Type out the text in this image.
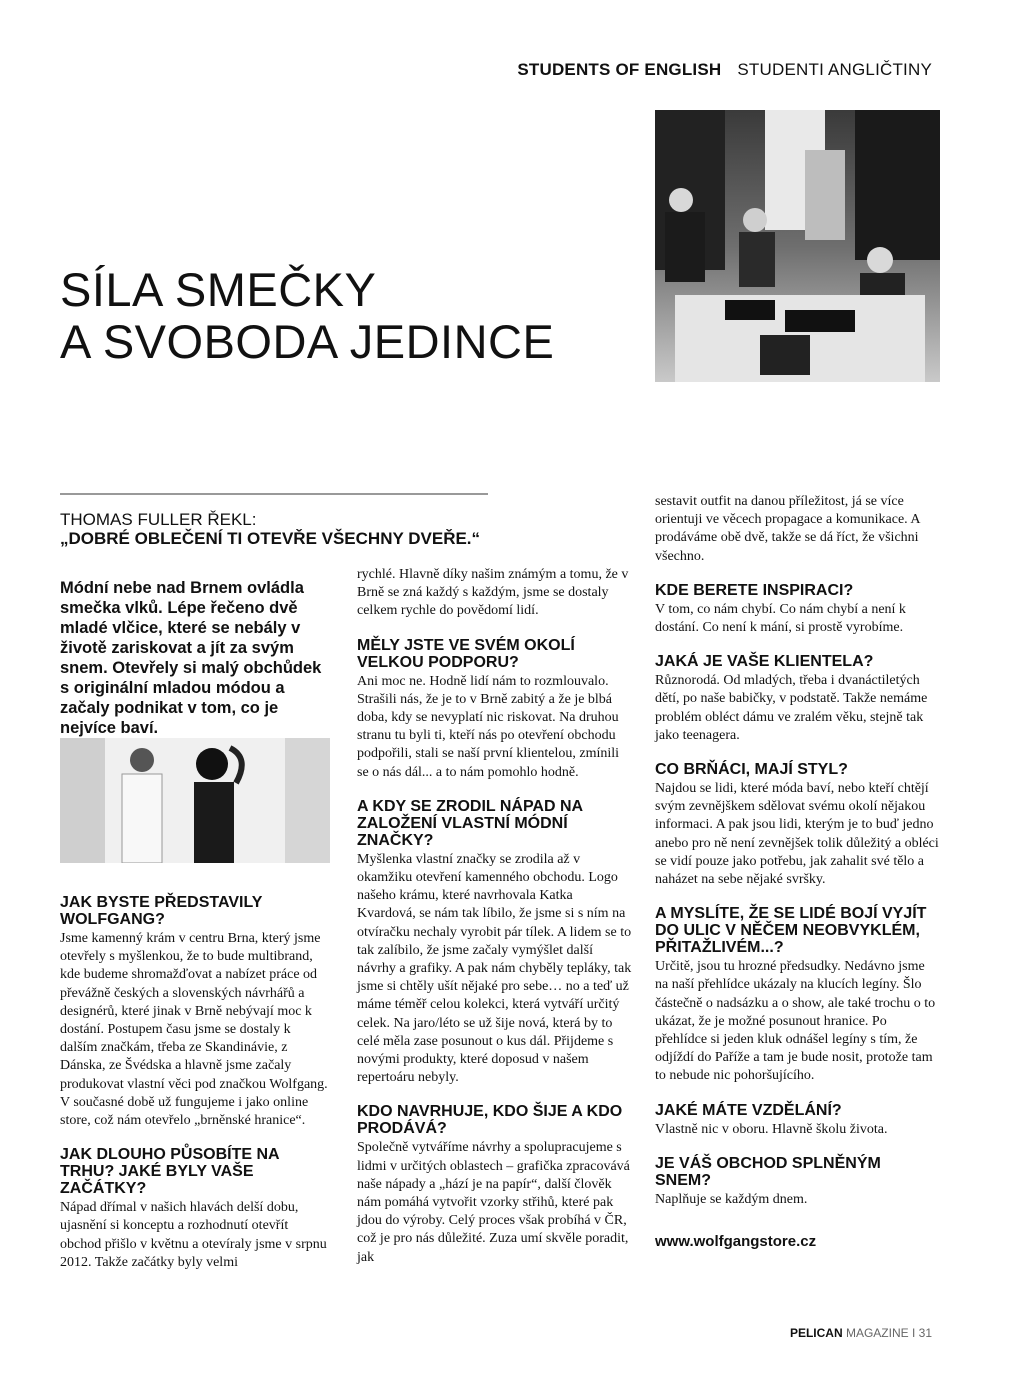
STUDENTS OF ENGLISH STUDENTI ANGLIČTINY
SÍLA SMEČKY
A SVOBODA JEDINCE
THOMAS FULLER ŘEKL:
„DOBRÉ OBLEČENÍ TI OTEVŘE VŠECHNY DVEŘE.“
Módní nebe nad Brnem ovládla smečka vlků. Lépe řečeno dvě mladé vlčice, které se nebály v životě zariskovat a jít za svým snem. Otevřely si malý obchůdek s originální mladou módou a začaly podnikat v tom, co je nejvíce baví.
JAK BYSTE PŘEDSTAVILY WOLFGANG?

Jsme kamenný krám v centru Brna, který jsme otevřely s myšlenkou, že to bude multibrand, kde budeme shromažďovat a nabízet práce od převážně českých a slovenských návrhářů a designérů, které jinak v Brně nebývají moc k dostání. Postupem času jsme se dostaly k dalším značkám, třeba ze Skandinávie, z Dánska, ze Švédska a hlavně jsme začaly produkovat vlastní věci pod značkou Wolfgang. V současné době už fungujeme i jako online store, což nám otevřelo „brněnské hranice“.

JAK DLOUHO PŮSOBÍTE NA TRHU? JAKÉ BYLY VAŠE ZAČÁTKY?

Nápad dřímal v našich hlavách delší dobu, ujasnění si konceptu a rozhodnutí otevřít obchod přišlo v květnu a otevíraly jsme v srpnu 2012. Takže začátky byly velmi

rychlé. Hlavně díky našim známým a tomu, že v Brně se zná každý s každým, jsme se dostaly celkem rychle do povědomí lidí.

MĚLY JSTE VE SVÉM OKOLÍ VELKOU PODPORU?

Ani moc ne. Hodně lidí nám to rozmlouvalo. Strašili nás, že je to v Brně zabitý a že je blbá doba, kdy se nevyplatí nic riskovat. Na druhou stranu tu byli ti, kteří nás po otevření obchodu podpořili, stali se naší první klientelou, zmínili se o nás dál... a to nám pomohlo hodně.

A KDY SE ZRODIL NÁPAD NA ZALOŽENÍ VLASTNÍ MÓDNÍ ZNAČKY?

Myšlenka vlastní značky se zrodila až v okamžiku otevření kamenného obchodu. Logo našeho krámu, které navrhovala Katka Kvardová, se nám tak líbilo, že jsme si s ním na otvíračku nechaly vyrobit pár tílek. A lidem se to tak zalíbilo, že jsme začaly vymýšlet další návrhy a grafiky. A pak nám chyběly tepláky, tak jsme si chtěly ušít nějaké pro sebe… no a teď už máme téměř celou kolekci, která vytváří určitý celek. Na jaro/léto se už šije nová, která by to celé měla zase posunout o kus dál. Přijdeme s novými produkty, které doposud v našem repertoáru nebyly.

KDO NAVRHUJE, KDO ŠIJE A KDO PRODÁVÁ?

Společně vytváříme návrhy a spolupracujeme s lidmi v určitých oblastech – grafička zpracovává naše nápady a „hází je na papír“, další člověk nám pomáhá vytvořit vzorky střihů, které pak jdou do výroby. Celý proces však probíhá v ČR, což je pro nás důležité. Zuza umí skvěle poradit, jak

sestavit outfit na danou příležitost, já se více orientuji ve věcech propagace a komunikace. A prodáváme obě dvě, takže se dá říct, že všichni všechno.

KDE BERETE INSPIRACI?

V tom, co nám chybí. Co nám chybí a není k dostání. Co není k mání, si prostě vyrobíme.

JAKÁ JE VAŠE KLIENTELA?

Různorodá. Od mladých, třeba i dvanáctiletých dětí, po naše babičky, v podstatě. Takže nemáme problém obléct dámu ve zralém věku, stejně tak jako teenagera.

CO BRŇÁCI, MAJÍ STYL?

Najdou se lidi, které móda baví, nebo kteří chtějí svým zevnějškem sdělovat svému okolí nějakou informaci. A pak jsou lidi, kterým je to buď jedno anebo pro ně není zevnějšek tolik důležitý a obléci se vidí pouze jako potřebu, jak zahalit své tělo a naházet na sebe nějaké svršky.

A MYSLÍTE, ŽE SE LIDÉ BOJÍ VYJÍT DO ULIC V NĚČEM NEOBVYKLÉM, PŘITAŽLIVÉM...?

Určitě, jsou tu hrozné předsudky. Nedávno jsme na naší přehlídce ukázaly na klucích legíny. Šlo částečně o nadsázku a o show, ale také trochu o to ukázat, že je možné posunout hranice. Po přehlídce si jeden kluk odnášel legíny s tím, že odjíždí do Paříže a tam je bude nosit, protože tam to nebude nic pohoršujícího.

JAKÉ MÁTE VZDĚLÁNÍ?

Vlastně nic v oboru. Hlavně školu života.

JE VÁŠ OBCHOD SPLNĚNÝM SNEM?

Naplňuje se každým dnem.

www.wolfgangstore.cz
PELICAN MAGAZINE I 31
